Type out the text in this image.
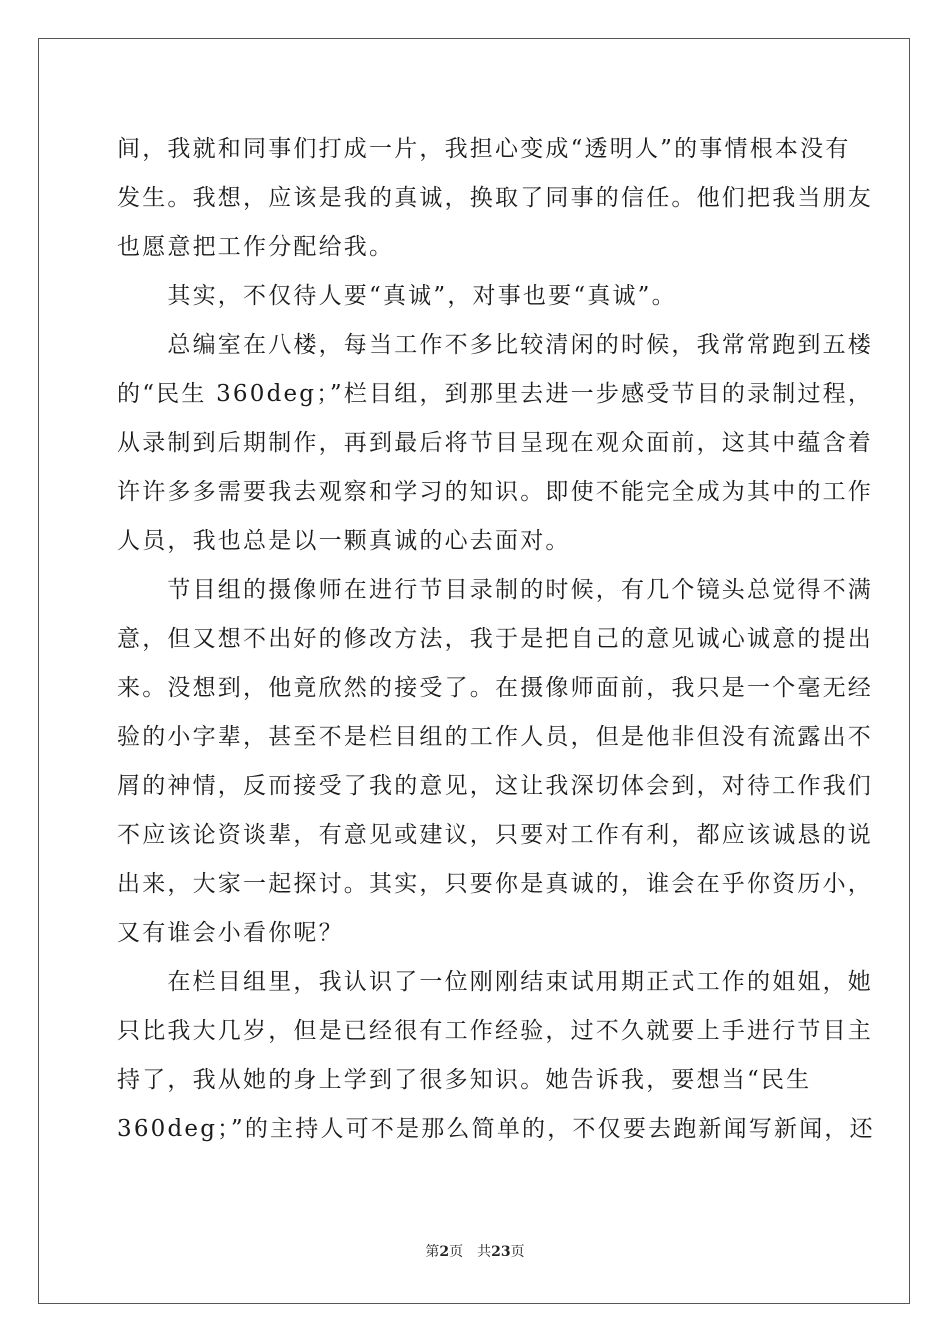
间，我就和同事们打成一片，我担心变成“透明人”的事情根本没有
发生。我想，应该是我的真诚，换取了同事的信任。他们把我当朋友
也愿意把工作分配给我。
　　其实，不仅待人要“真诚”，对事也要“真诚”。
　　总编室在八楼，每当工作不多比较清闲的时候，我常常跑到五楼
的“民生 360deg；”栏目组，到那里去进一步感受节目的录制过程，
从录制到后期制作，再到最后将节目呈现在观众面前，这其中蕴含着
许许多多需要我去观察和学习的知识。即使不能完全成为其中的工作
人员，我也总是以一颗真诚的心去面对。
　　节目组的摄像师在进行节目录制的时候，有几个镜头总觉得不满
意，但又想不出好的修改方法，我于是把自己的意见诚心诚意的提出
来。没想到，他竟欣然的接受了。在摄像师面前，我只是一个毫无经
验的小字辈，甚至不是栏目组的工作人员，但是他非但没有流露出不
屑的神情，反而接受了我的意见，这让我深切体会到，对待工作我们
不应该论资谈辈，有意见或建议，只要对工作有利，都应该诚恳的说
出来，大家一起探讨。其实，只要你是真诚的，谁会在乎你资历小，
又有谁会小看你呢？
　　在栏目组里，我认识了一位刚刚结束试用期正式工作的姐姐，她
只比我大几岁，但是已经很有工作经验，过不久就要上手进行节目主
持了，我从她的身上学到了很多知识。她告诉我，要想当“民生
360deg；”的主持人可不是那么简单的，不仅要去跑新闻写新闻，还
第2页 共23页
